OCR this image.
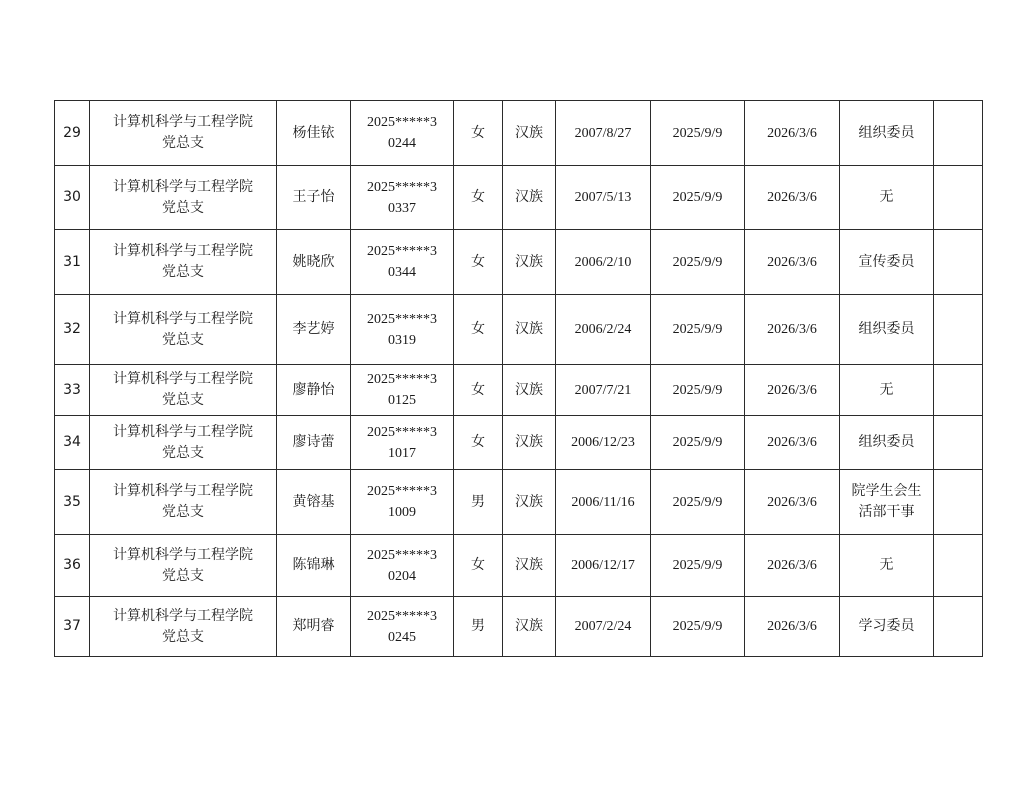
29	计算机科学与工程学院
党总支	杨佳铱	2025*****3
0244	女	汉族	2007/8/27	2025/9/9	2026/3/6	组织委员	

30	计算机科学与工程学院
党总支	王子怡	2025*****3
0337	女	汉族	2007/5/13	2025/9/9	2026/3/6	无	

31	计算机科学与工程学院
党总支	姚晓欣	2025*****3
0344	女	汉族	2006/2/10	2025/9/9	2026/3/6	宣传委员	

32	计算机科学与工程学院
党总支	李艺婷	2025*****3
0319	女	汉族	2006/2/24	2025/9/9	2026/3/6	组织委员	

33	计算机科学与工程学院
党总支	廖静怡	2025*****3
0125	女	汉族	2007/7/21	2025/9/9	2026/3/6	无	

34	计算机科学与工程学院
党总支	廖诗蕾	2025*****3
1017	女	汉族	2006/12/23	2025/9/9	2026/3/6	组织委员	

35	计算机科学与工程学院
党总支	黄镕基	2025*****3
1009	男	汉族	2006/11/16	2025/9/9	2026/3/6	院学生会生
活部干事	

36	计算机科学与工程学院
党总支	陈锦琳	2025*****3
0204	女	汉族	2006/12/17	2025/9/9	2026/3/6	无	

37	计算机科学与工程学院
党总支	郑明睿	2025*****3
0245	男	汉族	2007/2/24	2025/9/9	2026/3/6	学习委员	
